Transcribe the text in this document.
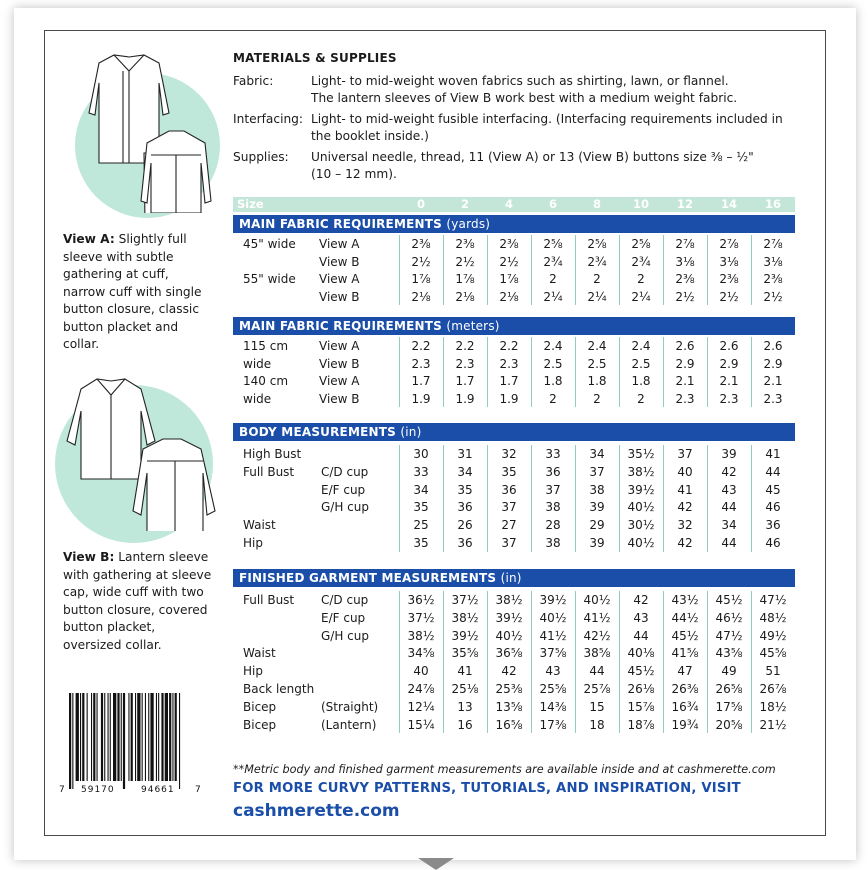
View A: Slightly full sleeve with subtle gathering at cuff, narrow cuff with single button closure, classic button placket and collar.
View B: Lantern sleeve with gathering at sleeve cap, wide cuff with two button closure, covered button placket, oversized collar.
7 59170	94661 7
MATERIALS & SUPPLIES
Fabric:	Light- to mid-weight woven fabrics such as shirting, lawn, or flannel.
The lantern sleeves of View B work best with a medium weight fabric.
Interfacing: Light- to mid-weight fusible interfacing. (Interfacing requirements included in
the booklet inside.)
Supplies: Universal needle, thread, 11 (View A) or 13 (View B) buttons size ⅜ – ½"
(10 – 12 mm).
Size	0	2	4	6	8	10	12	14	16
MAIN FABRIC REQUIREMENTS (yards)
45" wide View A	2⅜	2⅜	2⅜	2⅝	2⅝	2⅝	2⅞	2⅞	2⅞
View B	2½	2½	2½	2¾	2¾	2¾	3⅛	3⅛	3⅛
55" wide View A	1⅞	1⅞	1⅞	2	2	2	2⅜	2⅜	2⅜
View B	2⅛	2⅛	2⅛	2¼	2¼	2¼	2½	2½	2½
MAIN FABRIC REQUIREMENTS (meters)
115 cm	View A	2.2	2.2	2.2	2.4	2.4	2.4	2.6	2.6	2.6
wide	View B	2.3	2.3	2.3	2.5	2.5	2.5	2.9	2.9	2.9
140 cm	View A	1.7	1.7	1.7	1.8	1.8	1.8	2.1	2.1	2.1
wide	View B	1.9	1.9	1.9	2	2	2	2.3	2.3	2.3
BODY MEASUREMENTS (in)
High Bust	30	31	32	33	34	35½	37	39	41
Full Bust C/D cup	33	34	35	36	37	38½	40	42	44
E/F cup	34	35	36	37	38	39½	41	43	45
G/H cup	35	36	37	38	39	40½	42	44	46
Waist	25	26	27	28	29	30½	32	34	36
Hip	35	36	37	38	39	40½	42	44	46
FINISHED GARMENT MEASUREMENTS (in)
Full Bust C/D cup	36½	37½	38½	39½	40½	42	43½	45½	47½
E/F cup	37½	38½	39½	40½	41½	43	44½	46½	48½
G/H cup	38½	39½	40½	41½	42½	44	45½	47½	49½
Waist	34⅝	35⅝	36⅝	37⅝	38⅝	40⅛	41⅝	43⅝	45⅝
Hip	40	41	42	43	44	45½	47	49	51
Back length	24⅞	25⅛	25⅜	25⅝	25⅞	26⅛	26⅜	26⅝	26⅞
Bicep	(Straight)	12¼	13	13⅝	14⅜	15	15⅞	16¾	17⅝	18½
Bicep	(Lantern)	15¼	16	16⅝	17⅜	18	18⅞	19¾	20⅝	21½
**Metric body and finished garment measurements are available inside and at cashmerette.com
FOR MORE CURVY PATTERNS, TUTORIALS, AND INSPIRATION, VISIT
cashmerette.com
